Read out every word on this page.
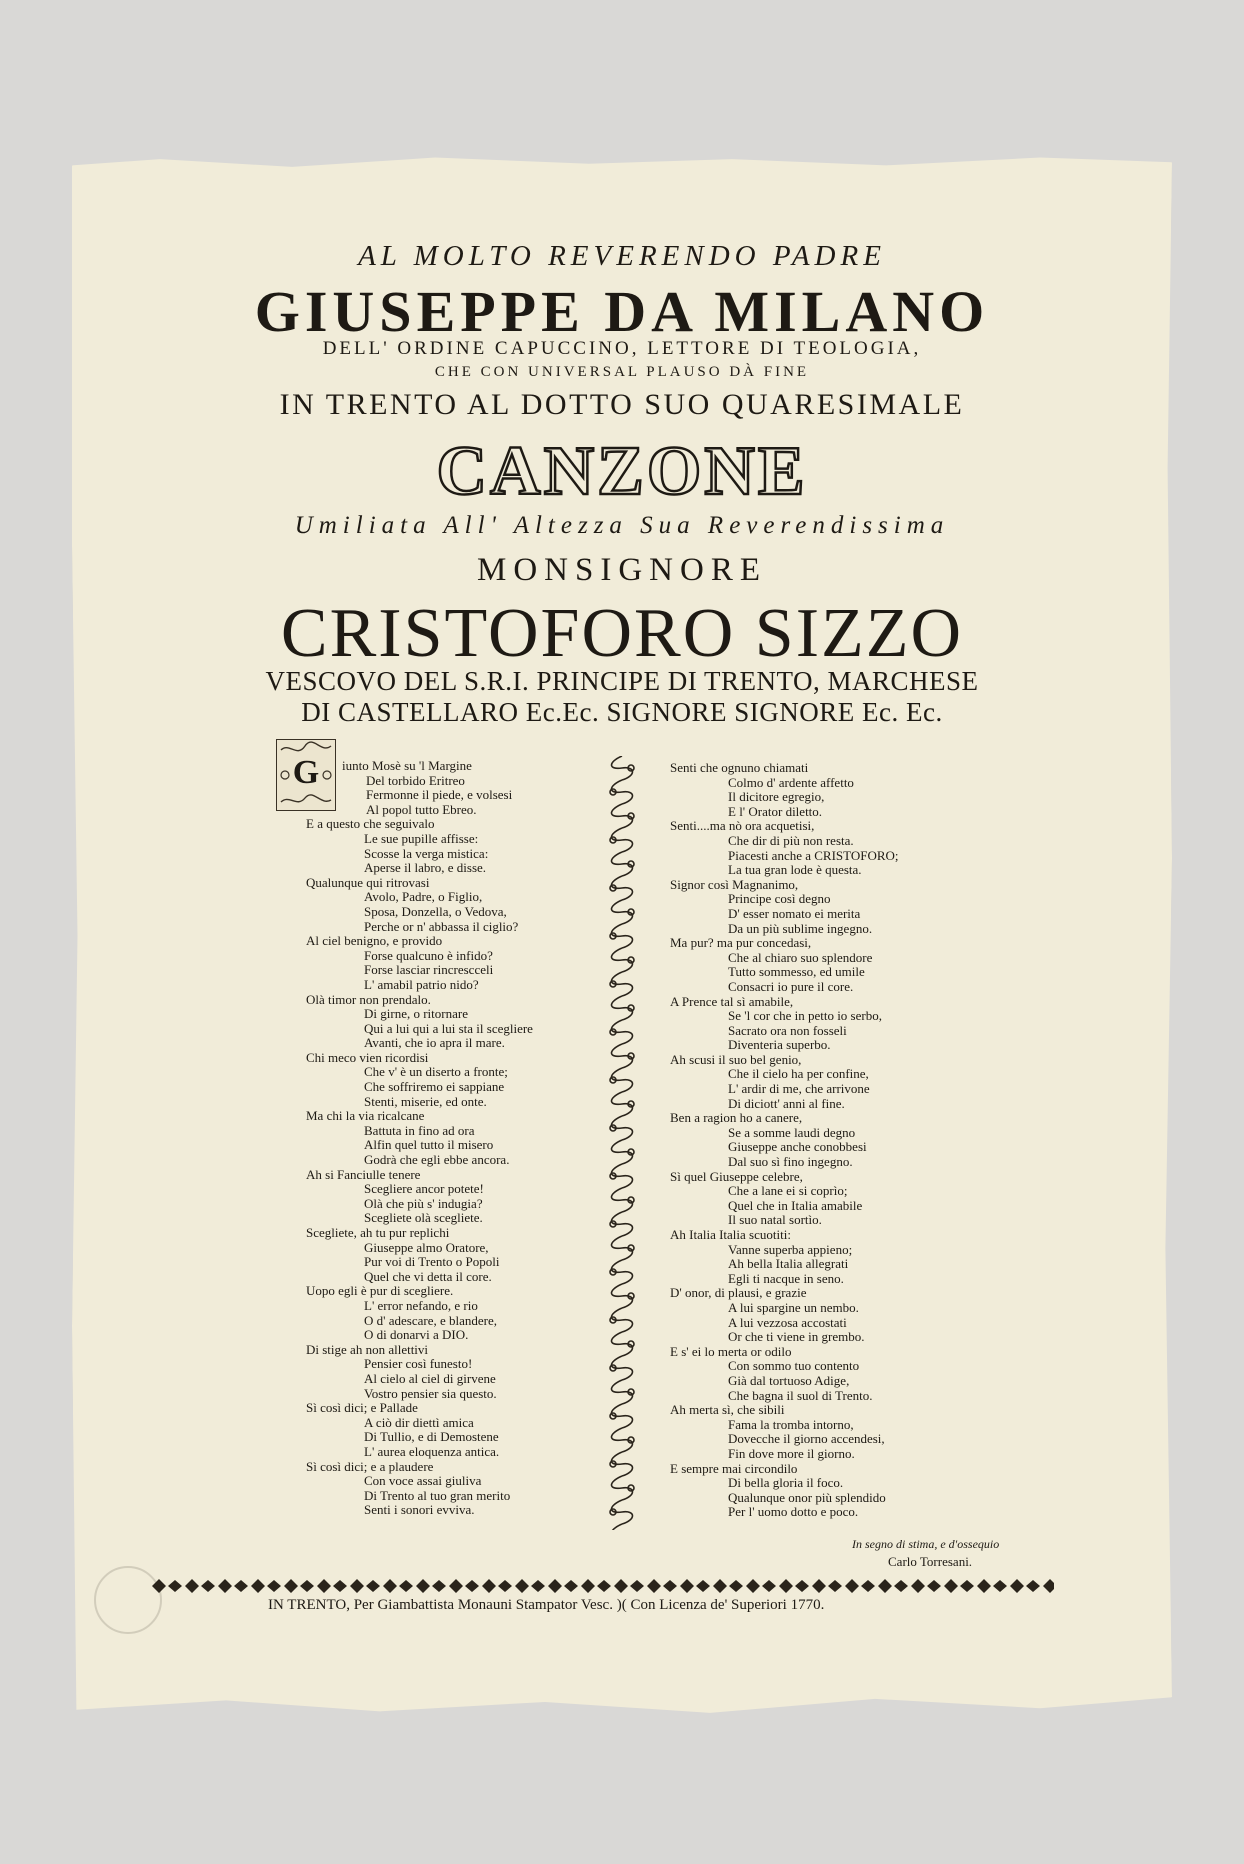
AL MOLTO REVERENDO PADRE
GIUSEPPE DA MILANO
DELL' ORDINE CAPUCCINO, LETTORE DI TEOLOGIA,
CHE CON UNIVERSAL PLAUSO DÀ FINE
IN TRENTO AL DOTTO SUO QUARESIMALE
CANZONE
Umiliata All' Altezza Sua Reverendissima
MONSIGNORE
CRISTOFORO SIZZO
VESCOVO DEL S.R.I. PRINCIPE DI TRENTO, MARCHESE
DI CASTELLARO Ec.Ec. SIGNORE SIGNORE Ec. Ec.
G	iunto Mosè su 'l Margine
Del torbido Eritreo
Fermonne il piede, e volsesi
Al popol tutto Ebreo.
E a questo che seguivalo
Le sue pupille affisse:
Scosse la verga mistica:
Aperse il labro, e disse.
Qualunque qui ritrovasi
Avolo, Padre, o Figlio,
Sposa, Donzella, o Vedova,
Perche or n' abbassa il ciglio?
Al ciel benigno, e provido
Forse qualcuno è infido?
Forse lasciar rincrescceli
L' amabil patrio nido?
Olà timor non prendalo.
Di girne, o ritornare
Qui a lui qui a lui sta il scegliere
Avanti, che io apra il mare.
Chi meco vien ricordisi
Che v' è un diserto a fronte;
Che soffriremo ei sappiane
Stenti, miserie, ed onte.
Ma chi la via ricalcane
Battuta in fino ad ora
Alfin quel tutto il misero
Godrà che egli ebbe ancora.
Ah si Fanciulle tenere
Scegliere ancor potete!
Olà che più s' indugia?
Scegliete olà scegliete.
Scegliete, ah tu pur replichi
Giuseppe almo Oratore,
Pur voi di Trento o Popoli
Quel che vi detta il core.
Uopo egli è pur di scegliere.
L' error nefando, e rio
O d' adescare, e blandere,
O di donarvi a DIO.
Di stige ah non allettivi
Pensier così funesto!
Al cielo al ciel di girvene
Vostro pensier sia questo.
Sì così dici; e Pallade
A ciò dir diettì amica
Di Tullio, e di Demostene
L' aurea eloquenza antica.
Sì così dici; e a plaudere
Con voce assai giuliva
Di Trento al tuo gran merito
Senti i sonori evviva.
Senti che ognuno chiamati
Colmo d' ardente affetto
Il dicitore egregio,
E l' Orator diletto.
Senti....ma nò ora acquetisi,
Che dir di più non resta.
Piacesti anche a CRISTOFORO;
La tua gran lode è questa.
Signor così Magnanimo,
Principe così degno
D' esser nomato ei merita
Da un più sublime ingegno.
Ma pur? ma pur concedasi,
Che al chiaro suo splendore
Tutto sommesso, ed umile
Consacri io pure il core.
A Prence tal sì amabile,
Se 'l cor che in petto io serbo,
Sacrato ora non fosseli
Diventeria superbo.
Ah scusi il suo bel genio,
Che il cielo ha per confine,
L' ardir di me, che arrivone
Di diciott' anni al fine.
Ben a ragion ho a canere,
Se a somme laudi degno
Giuseppe anche conobbesi
Dal suo sì fino ingegno.
Sì quel Giuseppe celebre,
Che a lane ei si coprìo;
Quel che in Italia amabile
Il suo natal sortìo.
Ah Italia Italia scuotiti:
Vanne superba appieno;
Ah bella Italia allegrati
Egli ti nacque in seno.
D' onor, di plausi, e grazie
A lui spargine un nembo.
A lui vezzosa accostati
Or che ti viene in grembo.
E s' ei lo merta or odilo
Con sommo tuo contento
Già dal tortuoso Adige,
Che bagna il suol di Trento.
Ah merta sì, che sibili
Fama la tromba intorno,
Dovecche il giorno accendesi,
Fin dove more il giorno.
E sempre mai circondilo
Di bella gloria il foco.
Qualunque onor più splendido
Per l' uomo dotto e poco.
In segno di stima, e d'ossequio
Carlo Torresani.
IN TRENTO, Per Giambattista Monauni Stampator Vesc. )( Con Licenza de' Superiori 1770.
